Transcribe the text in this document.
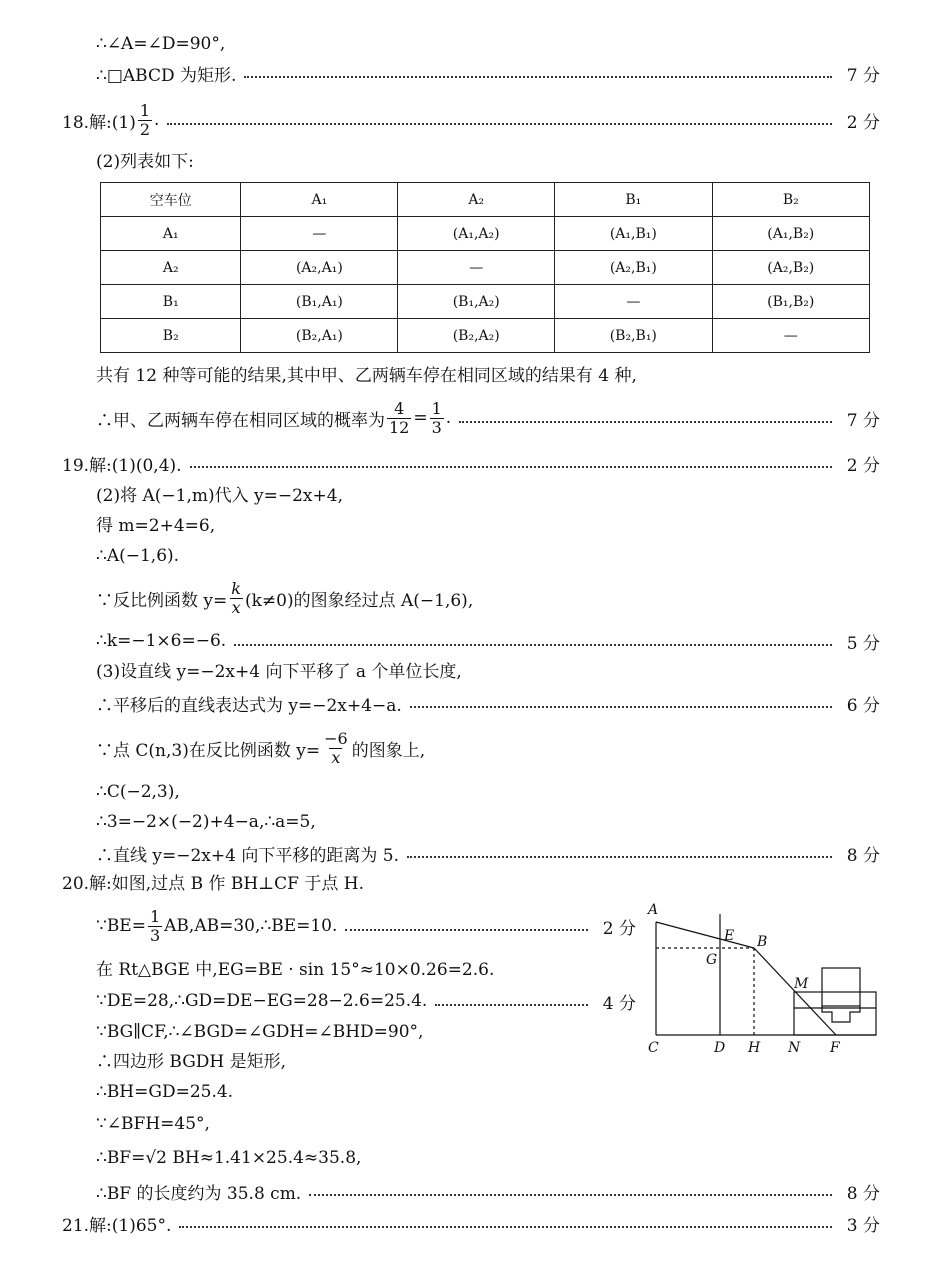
∴∠A=∠D=90°,
∴□ABCD 为矩形.	7 分
18.解:(1) $\frac{1}{2}$ .	2 分
(2)列表如下:
空车位	A₁	A₂	B₁	B₂
A₁	—	(A₁,A₂)	(A₁,B₁)	(A₁,B₂)
A₂	(A₂,A₁)	—	(A₂,B₁)	(A₂,B₂)
B₁	(B₁,A₁)	(B₁,A₂)	—	(B₁,B₂)
B₂	(B₂,A₁)	(B₂,A₂)	(B₂,B₁)	—
共有 12 种等可能的结果,其中甲、乙两辆车停在相同区域的结果有 4 种,
∴甲、乙两辆车停在相同区域的概率为 $\frac{4}{12} = \frac{1}{3}$ .	7 分
19.解:(1)(0,4).	2 分
(2)将 A(−1,m)代入 y=−2x+4,
得 m=2+4=6,
∴A(−1,6).
∵反比例函数 $y= \frac{k}{x} (k\ne 0)$的图象经过点 A(−1,6),
∴k=−1×6=−6.	5 分
(3)设直线 y=−2x+4 向下平移了 a 个单位长度,
∴平移后的直线表达式为 y=−2x+4−a.	6 分
∵点 C(n,3)在反比例函数 $y= \frac{-6}{x}$ 的图象上,
∴C(−2,3),
∴3=−2×(−2)+4−a,∴a=5,
∴直线 y=−2x+4 向下平移的距离为 5.	8 分
20.解:如图,过点 B 作 BH⊥CF 于点 H.
∵BE= $\frac{1}{3}$ AB,AB=30,∴BE=10.	2 分
在 Rt△BGE 中,EG=BE · sin 15°≈10×0.26=2.6.
∵DE=28,∴GD=DE−EG=28−2.6=25.4.	4 分
∵BG∥CF,∴∠BGD=∠GDH=∠BHD=90°,
∴四边形 BGDH 是矩形,
∴BH=GD=25.4.
∵∠BFH=45°,
∴BF=√2 BH≈1.41×25.4≈35.8,
∴BF 的长度约为 35.8 cm.	8 分
A
E B
G
M
C	D H N F
21.解:(1)65°.	3 分
